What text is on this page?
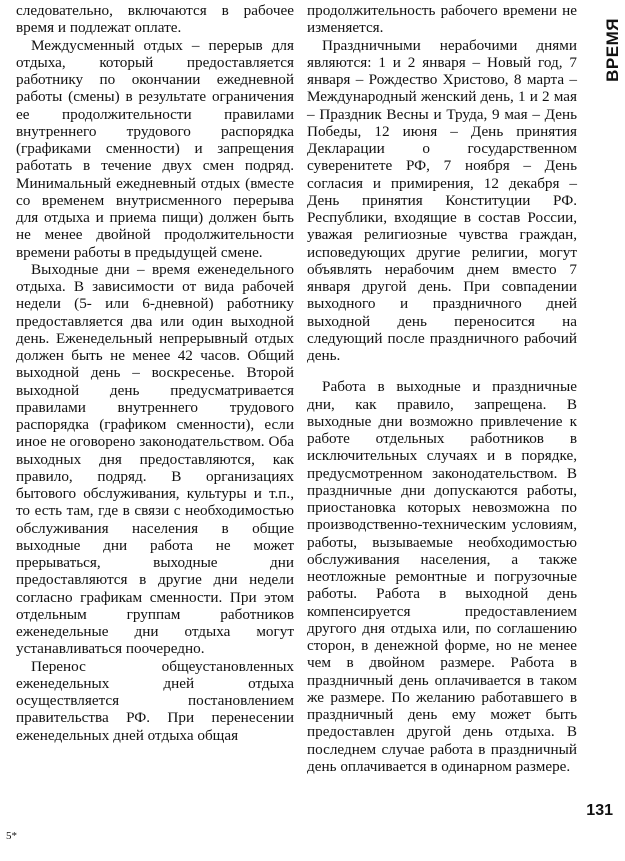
следовательно, включаются в рабочее время и подлежат оплате.

Междусменный отдых – перерыв для отдыха, который предоставляется работнику по окончании ежедневной работы (смены) в результате ограничения ее продолжительности правилами внутреннего трудового распорядка (графиками сменности) и запрещения работать в течение двух смен подряд. Минимальный ежедневный отдых (вместе со временем внутрисменного перерыва для отдыха и приема пищи) должен быть не менее двойной продолжительности времени работы в предыдущей смене.

Выходные дни – время еженедельного отдыха. В зависимости от вида рабочей недели (5- или 6-дневной) работнику предоставляется два или один выходной день. Еженедельный непрерывный отдых должен быть не менее 42 часов. Общий выходной день – воскресенье. Второй выходной день предусматривается правилами внутреннего трудового распорядка (графиком сменности), если иное не оговорено законодательством. Оба выходных дня предоставляются, как правило, подряд. В организациях бытового обслуживания, культуры и т.п., то есть там, где в связи с необходимостью обслуживания населения в общие выходные дни работа не может прерываться, выходные дни предоставляются в другие дни недели согласно графикам сменности. При этом отдельным группам работников еженедельные дни отдыха могут устанавливаться поочередно.

Перенос общеустановленных еженедельных дней отдыха осуществляется постановлением правительства РФ. При перенесении еженедельных дней отдыха общая

продолжительность рабочего времени не изменяется.

Праздничными нерабочими днями являются: 1 и 2 января – Новый год, 7 января – Рождество Христово, 8 марта – Международный женский день, 1 и 2 мая – Праздник Весны и Труда, 9 мая – День Победы, 12 июня – День принятия Декларации о государственном суверенитете РФ, 7 ноября – День согласия и примирения, 12 декабря – День принятия Конституции РФ. Республики, входящие в состав России, уважая религиозные чувства граждан, исповедующих другие религии, могут объявлять нерабочим днем вместо 7 января другой день. При совпадении выходного и праздничного дней выходной день переносится на следующий после праздничного рабочий день.

Работа в выходные и праздничные дни, как правило, запрещена. В выходные дни возможно привлечение к работе отдельных работников в исключительных случаях и в порядке, предусмотренном законодательством. В праздничные дни допускаются работы, приостановка которых невозможна по производственно-техническим условиям, работы, вызываемые необходимостью обслуживания населения, а также неотложные ремонтные и погрузочные работы. Работа в выходной день компенсируется предоставлением другого дня отдыха или, по соглашению сторон, в денежной форме, но не менее чем в двойном размере. Работа в праздничный день оплачивается в таком же размере. По желанию работавшего в праздничный день ему может быть предоставлен другой день отдыха. В последнем случае работа в праздничный день оплачивается в одинарном размере.

ВРЕМЯ
131
5*
